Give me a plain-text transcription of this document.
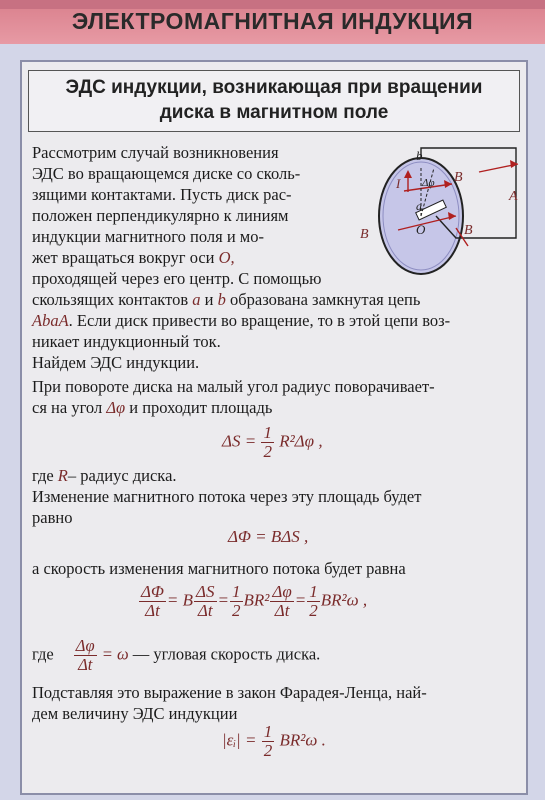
ЭЛЕКТРОМАГНИТНАЯ ИНДУКЦИЯ
ЭДС индукции, возникающая при вращении
диска в магнитном поле
Рассмотрим случай возникновения
ЭДС во вращающемся диске со сколь-
зящими контактами. Пусть диск рас-
положен перпендикулярно к линиям
индукции магнитного поля и мо-
жет вращаться вокруг оси O,
проходящей через его центр. С помощью
скользящих контактов a и b образована замкнутая цепь
AbaA. Если диск привести во вращение, то в этой цепи воз-
никает индукционный ток.
Найдем ЭДС индукции.
При повороте диска на малый угол радиус поворачивает-
ся на угол Δφ и проходит площадь
$\Delta S = \frac{1}{2} R^2\Delta\varphi$ ,
где R– радиус диска.
Изменение магнитного потока через эту площадь будет
равно
ΔΦ = BΔS ,
а скорость изменения магнитного потока будет равна
$\frac{\Delta\Phi}{\Delta t} = B \frac{\Delta S}{\Delta t} = \frac{1}{2} BR^2 \frac{\Delta\varphi}{\Delta t} = \frac{1}{2} BR^2\omega$ ,
где $\frac{\Delta\varphi}{\Delta t} = \omega$ — угловая скорость диска.
Подставляя это выражение в закон Фарадея-Ленца, най-
дем величину ЭДС индукции
|εᵢ| = $\frac{1}{2} BR^2\omega$ .
b
A
B
B	B
I Δφ
a
O
